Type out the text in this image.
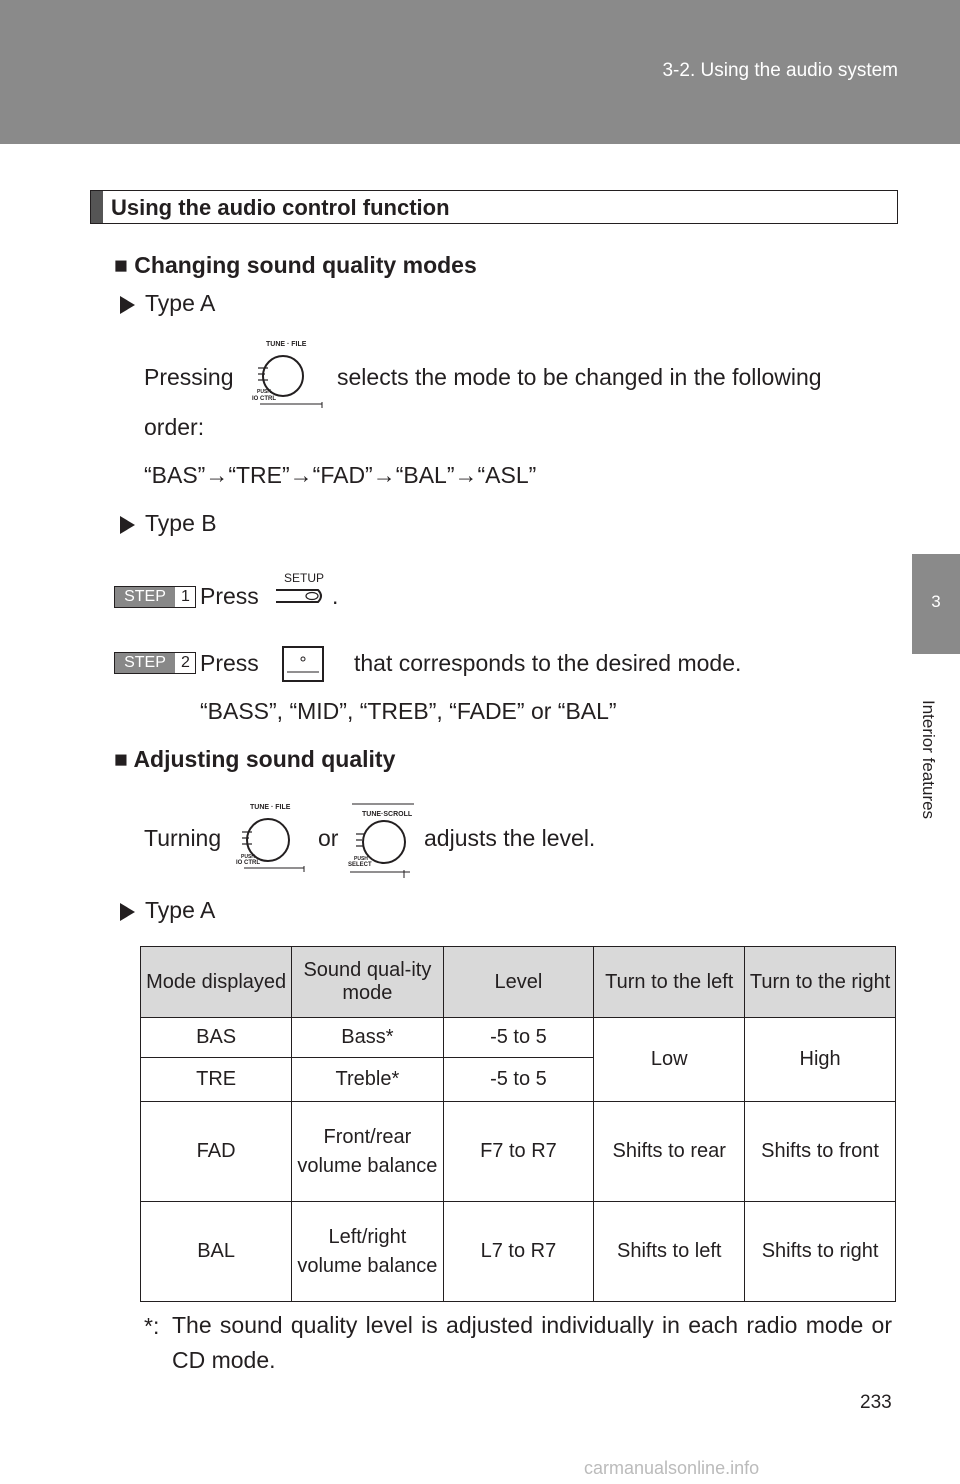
3-2. Using the audio system
3
Interior features
Using the audio control function
■ Changing sound quality modes
Type A
Pressing
TUNE · FILE
PUSH
IO CTRL
selects the mode to be changed in the following
order:
“BAS”→“TRE”→“FAD”→“BAL”→“ASL”
Type B
STEP 1 Press
SETUP
.
STEP 2 Press	that corresponds to the desired mode.
“BASS”, “MID”, “TREB”, “FADE” or “BAL”
■ Adjusting sound quality
Turning
TUNE · FILE
PUSH
IO CTRL
or
TUNE·SCROLL
PUSH
SELECT
adjusts the level.
Type A
Mode displayed	Sound qual-ity mode	Level	Turn to the left	Turn to the right
BAS	Bass*	-5 to 5	Low	High
TRE	Treble*	-5 to 5		
FAD	Front/rear volume balance	F7 to R7	Shifts to rear	Shifts to front
BAL	Left/right volume balance	L7 to R7	Shifts to left	Shifts to right
*: The sound quality level is adjusted individually in each radio mode or CD mode.
233
carmanualsonline.info
